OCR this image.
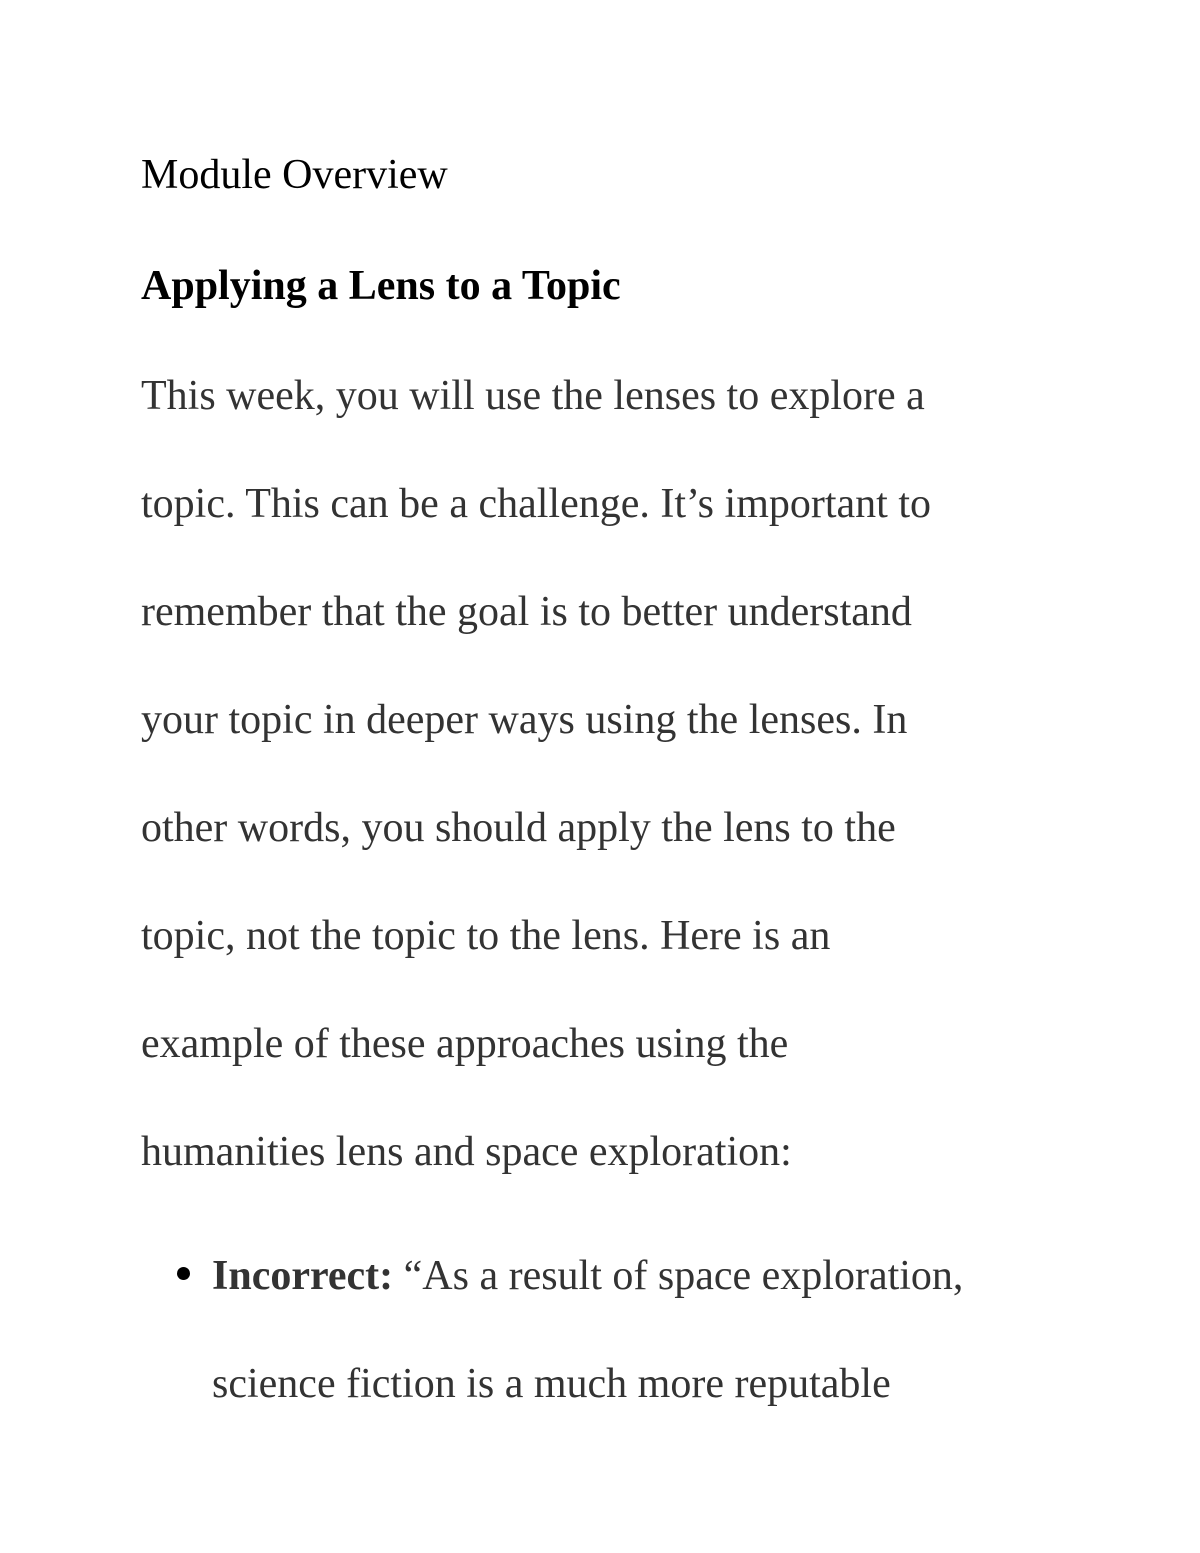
Module Overview

Applying a Lens to a Topic
This week, you will use the lenses to explore a
topic. This can be a challenge. It’s important to
remember that the goal is to better understand
your topic in deeper ways using the lenses. In
other words, you should apply the lens to the
topic, not the topic to the lens. Here is an
example of these approaches using the
humanities lens and space exploration:
Incorrect: “As a result of space exploration,
science fiction is a much more reputable
